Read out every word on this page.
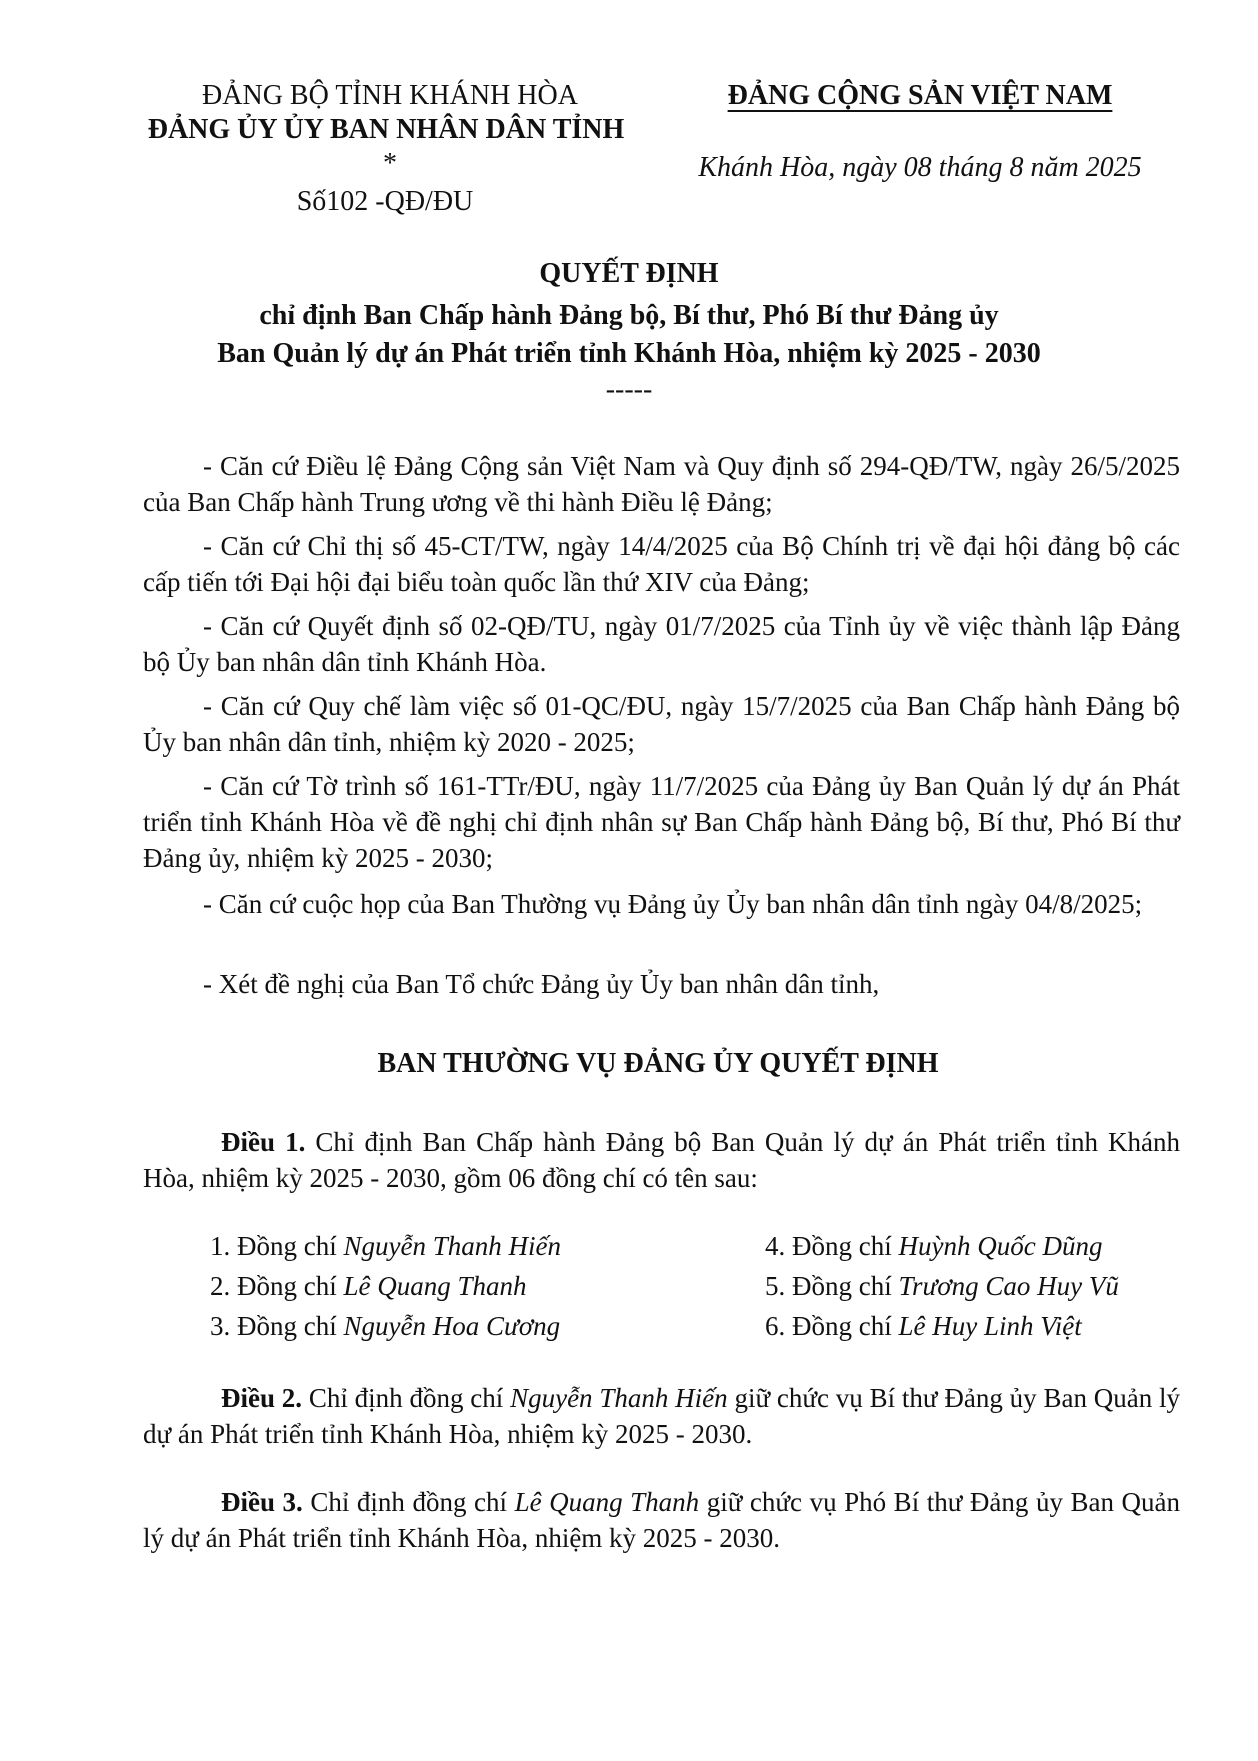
ĐẢNG BỘ TỈNH KHÁNH HÒA
ĐẢNG ỦY ỦY BAN NHÂN DÂN TỈNH
*
Số102 -QĐ/ĐU
ĐẢNG CỘNG SẢN VIỆT NAM
Khánh Hòa, ngày 08 tháng 8 năm 2025
QUYẾT ĐỊNH
chỉ định Ban Chấp hành Đảng bộ, Bí thư, Phó Bí thư Đảng ủy
Ban Quản lý dự án Phát triển tỉnh Khánh Hòa, nhiệm kỳ 2025 - 2030
-----
- Căn cứ Điều lệ Đảng Cộng sản Việt Nam và Quy định số 294-QĐ/TW, ngày 26/5/2025 của Ban Chấp hành Trung ương về thi hành Điều lệ Đảng;
- Căn cứ Chỉ thị số 45-CT/TW, ngày 14/4/2025 của Bộ Chính trị về đại hội đảng bộ các cấp tiến tới Đại hội đại biểu toàn quốc lần thứ XIV của Đảng;
- Căn cứ Quyết định số 02-QĐ/TU, ngày 01/7/2025 của Tỉnh ủy về việc thành lập Đảng bộ Ủy ban nhân dân tỉnh Khánh Hòa.
- Căn cứ Quy chế làm việc số 01-QC/ĐU, ngày 15/7/2025 của Ban Chấp hành Đảng bộ Ủy ban nhân dân tỉnh, nhiệm kỳ 2020 - 2025;
- Căn cứ Tờ trình số 161-TTr/ĐU, ngày 11/7/2025 của Đảng ủy Ban Quản lý dự án Phát triển tỉnh Khánh Hòa về đề nghị chỉ định nhân sự Ban Chấp hành Đảng bộ, Bí thư, Phó Bí thư Đảng ủy, nhiệm kỳ 2025 - 2030;
- Căn cứ cuộc họp của Ban Thường vụ Đảng ủy Ủy ban nhân dân tỉnh ngày 04/8/2025;
- Xét đề nghị của Ban Tổ chức Đảng ủy Ủy ban nhân dân tỉnh,
BAN THƯỜNG VỤ ĐẢNG ỦY QUYẾT ĐỊNH
Điều 1. Chỉ định Ban Chấp hành Đảng bộ Ban Quản lý dự án Phát triển tỉnh Khánh Hòa, nhiệm kỳ 2025 - 2030, gồm 06 đồng chí có tên sau:
1. Đồng chí Nguyễn Thanh Hiến
2. Đồng chí Lê Quang Thanh
3. Đồng chí Nguyễn Hoa Cương
4. Đồng chí Huỳnh Quốc Dũng
5. Đồng chí Trương Cao Huy Vũ
6. Đồng chí Lê Huy Linh Việt
Điều 2. Chỉ định đồng chí Nguyễn Thanh Hiến giữ chức vụ Bí thư Đảng ủy Ban Quản lý dự án Phát triển tỉnh Khánh Hòa, nhiệm kỳ 2025 - 2030.
Điều 3. Chỉ định đồng chí Lê Quang Thanh giữ chức vụ Phó Bí thư Đảng ủy Ban Quản lý dự án Phát triển tỉnh Khánh Hòa, nhiệm kỳ 2025 - 2030.
